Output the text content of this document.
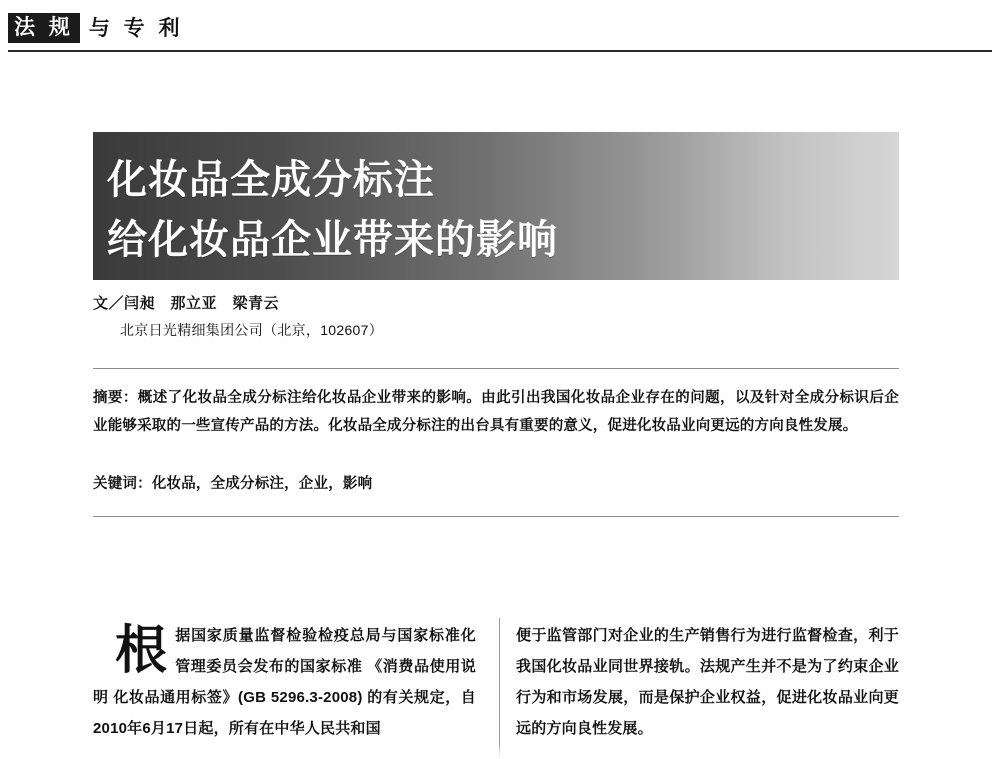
法 规 与 专 利
化妆品全成分标注
给化妆品企业带来的影响
文／闫昶　那立亚　梁青云
北京日光精细集团公司（北京，102607）
摘要：概述了化妆品全成分标注给化妆品企业带来的影响。由此引出我国化妆品企业存在的问题，以及针对全成分标识后企业能够采取的一些宣传产品的方法。化妆品全成分标注的出台具有重要的意义，促进化妆品业向更远的方向良性发展。
关键词：化妆品，全成分标注，企业，影响
根据国家质量监督检验检疫总局与国家标准化管理委员会发布的国家标准 《消费品使用说明 化妆品通用标签》(GB 5296.3-2008) 的有关规定，自2010年6月17日起，所有在中华人民共和国
便于监管部门对企业的生产销售行为进行监督检查，利于我国化妆品业同世界接轨。法规产生并不是为了约束企业行为和市场发展，而是保护企业权益，促进化妆品业向更远的方向良性发展。
